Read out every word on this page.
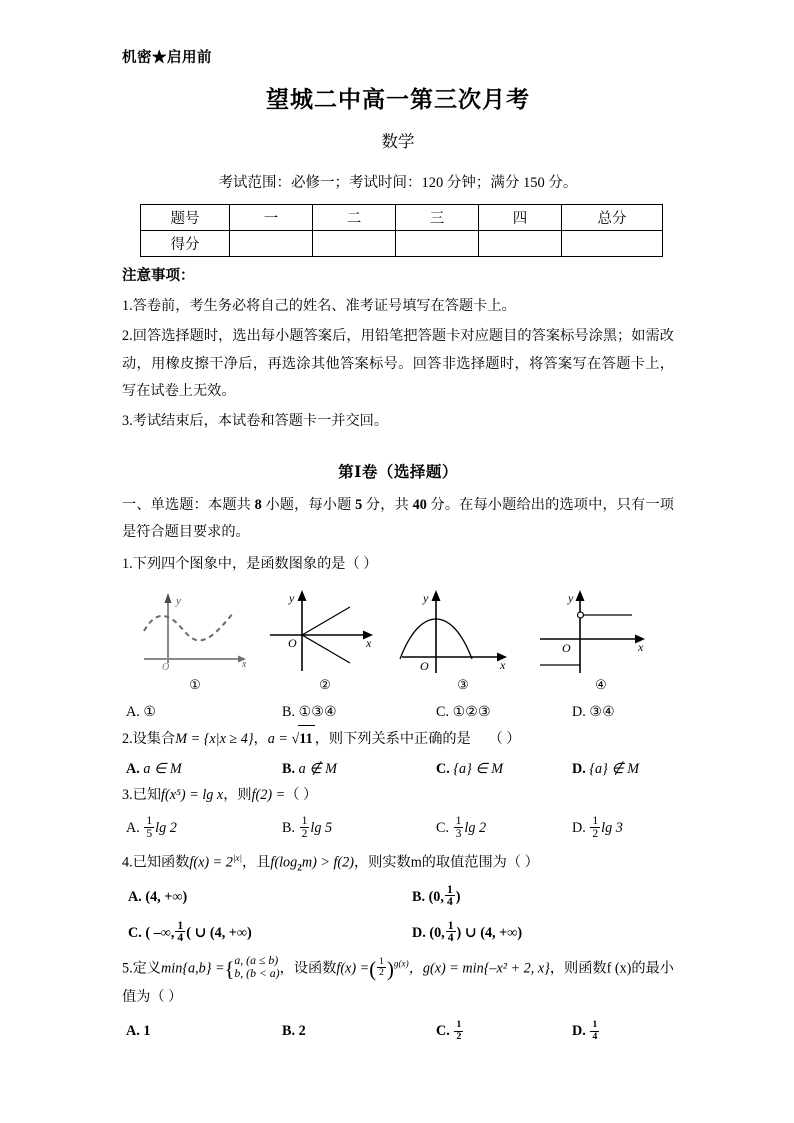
机密★启用前
望城二中高一第三次月考
数学
考试范围：必修一；考试时间：120 分钟；满分 150 分。
题号	一	二	三	四	总分
得分					
注意事项：
1.答卷前，考生务必将自己的姓名、准考证号填写在答题卡上。
2.回答选择题时，选出每小题答案后，用铅笔把答题卡对应题目的答案标号涂黑；如需改动，用橡皮擦干净后，再选涂其他答案标号。回答非选择题时，将答案写在答题卡上，写在试卷上无效。
3.考试结束后，本试卷和答题卡一并交回。
第Ⅰ卷（选择题）
一、单选题：本题共 8 小题，每小题 5 分，共 40 分。在每小题给出的选项中，只有一项是符合题目要求的。
1.下列四个图象中，是函数图象的是（ ）
y
x
O
①
y
x
O
②
y
x
O
③
y
x
O
④
A. ①	B. ①③④	C. ①②③	D. ③④
2.设集合M = {x|x ≥ 4}，a = √11 ，则下列关系中正确的是 （ ）
A. a ∈ M	B. a ∉ M	C. {a} ∈ M	D. {a} ∉ M
3.已知f(x⁵) = lg x，则f(2) =（ ）
A. $\frac{1}{5}$ lg 2	B. $\frac{1}{2}$ lg 5	C. $\frac{1}{3}$ lg 2	D. $\frac{1}{2}$ lg 3
4.已知函数$f(x) = 2^{|x|}$，且$f(\log_2m) > f(2)$，则实数m的取值范围为（ ）
A. (4, +∞)	B. (0, $\frac{1}{4}$ )
C. ( –∞, $\frac{1}{4}$ ( ∪ (4, +∞)	D. (0, $\frac{1}{4}$ ) ∪ (4, +∞)
5.定义min{a,b} ={ a, (a ≤ b)
b, (b < a) ，设函数f(x) =( $\frac{1}{2} )^{g(x)}$，g(x) = min{–x² + 2, x}，则函数f (x)的最小值为（ ）
A. 1	B. 2	C. $\frac{1}{2}$	D. $\frac{1}{4}$
